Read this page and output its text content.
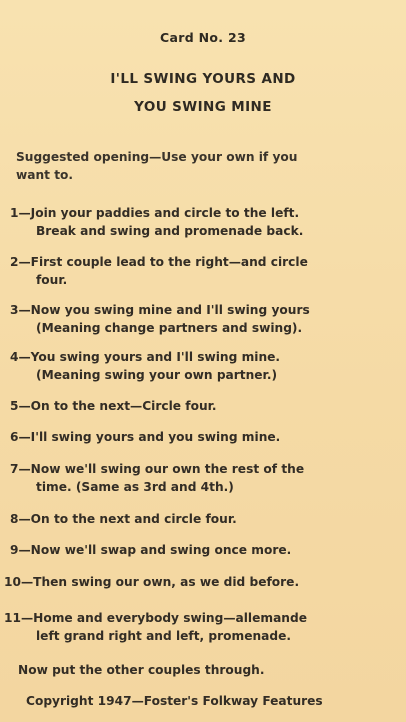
Card No. 23
I'LL SWING YOURS AND
YOU SWING MINE
Suggested opening—Use your own if you
want to.
1—Join your paddies and circle to the left.
Break and swing and promenade back.
2—First couple lead to the right—and circle
four.
3—Now you swing mine and I'll swing yours
(Meaning change partners and swing).
4—You swing yours and I'll swing mine.
(Meaning swing your own partner.)
5—On to the next—Circle four.
6—I'll swing yours and you swing mine.
7—Now we'll swing our own the rest of the
time. (Same as 3rd and 4th.)
8—On to the next and circle four.
9—Now we'll swap and swing once more.
10—Then swing our own, as we did before.
11—Home and everybody swing—allemande
left grand right and left, promenade.
Now put the other couples through.
Copyright 1947—Foster's Folkway Features
